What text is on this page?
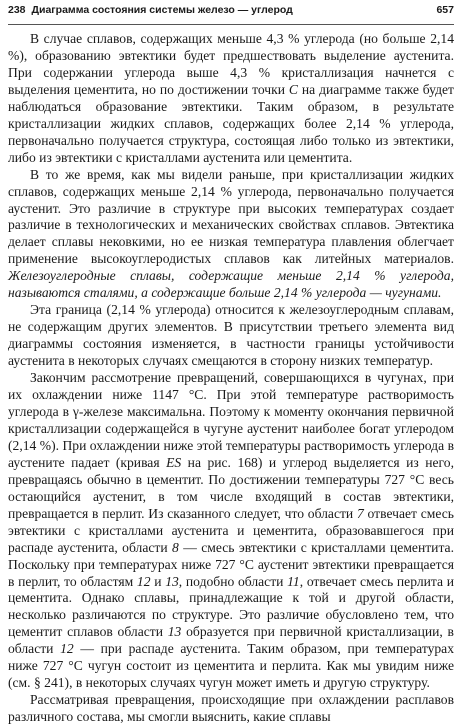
238 Диаграмма состояния системы железо — углерод	657

В случае сплавов, содержащих меньше 4,3 % углерода (но больше 2,14 %), образованию эвтектики будет предшествовать выделение аустенита. При содержании углерода выше 4,3 % кристаллизация начнется с выделения цементита, но по достижении точки C на диаграмме также будет наблюдаться образование эвтектики. Таким образом, в результате кристаллизации жидких сплавов, содержащих более 2,14 % углерода, первоначально получается структура, состоящая либо только из эвтектики, либо из эвтектики с кристаллами аустенита или цементита.

В то же время, как мы видели раньше, при кристаллизации жидких сплавов, содержащих меньше 2,14 % углерода, первоначально получается аустенит. Это различие в структуре при высоких температурах создает различие в технологических и механических свойствах сплавов. Эвтектика делает сплавы нековкими, но ее низкая температура плавления облегчает применение высокоуглеродистых сплавов как литейных материалов. Железоуглеродные сплавы, содержащие меньше 2,14 % углерода, называются сталями, а содержащие больше 2,14 % углерода — чугунами.

Эта граница (2,14 % углерода) относится к железоуглеродным сплавам, не содержащим других элементов. В присутствии третьего элемента вид диаграммы состояния изменяется, в частности границы устойчивости аустенита в некоторых случаях смещаются в сторону низких температур.

Закончим рассмотрение превращений, совершающихся в чугунах, при их охлаждении ниже 1147 °C. При этой температуре растворимость углерода в γ-железе максимальна. Поэтому к моменту окончания первичной кристаллизации содержащейся в чугуне аустенит наиболее богат углеродом (2,14 %). При охлаждении ниже этой температуры растворимость углерода в аустените падает (кривая ES на рис. 168) и углерод выделяется из него, превращаясь обычно в цементит. По достижении температуры 727 °C весь остающийся аустенит, в том числе входящий в состав эвтектики, превращается в перлит. Из сказанного следует, что области 7 отвечает смесь эвтектики с кристаллами аустенита и цементита, образовавшегося при распаде аустенита, области 8 — смесь эвтектики с кристаллами цементита. Поскольку при температурах ниже 727 °C аустенит эвтектики превращается в перлит, то областям 12 и 13, подобно области 11, отвечает смесь перлита и цементита. Однако сплавы, принадлежащие к той и другой области, несколько различаются по структуре. Это различие обусловлено тем, что цементит сплавов области 13 образуется при первичной кристаллизации, в области 12 — при распаде аустенита. Таким образом, при температурах ниже 727 °C чугун состоит из цементита и перлита. Как мы увидим ниже (см. § 241), в некоторых случаях чугун может иметь и другую структуру.

Рассматривая превращения, происходящие при охлаждении расплавов различного состава, мы смогли выяснить, какие сплавы
